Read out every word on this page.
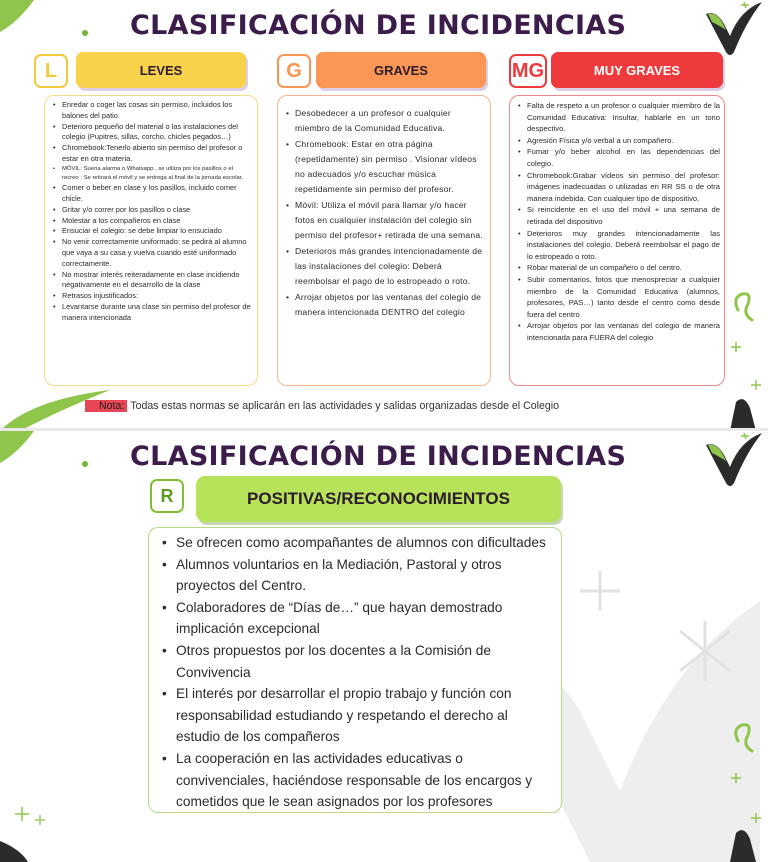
CLASIFICACIÓN DE INCIDENCIAS
L	LEVES	G	GRAVES	MG	MUY GRAVES
• Enredar o coger las cosas sin permiso, incluidos los balones del patio.
• Deterioro pequeño del material o las instalaciones del colegio (Pupitres, sillas, corcho, chicles pegados…)
• Chromebook:Tenerlo abierto sin permiso del profesor o estar en otra materia.
• MÓVIL: Suena alarma o Whatsapp , se utiliza por los pasillos o el recreo : Se retirará el móvil y se entrega al final de la jornada escolar.
• Comer o beber en clase y los pasillos, incluido comer chicle.
• Gritar y/o correr por los pasillos o clase
• Molestar a los compañeros en clase
• Ensuciar el colegio: se debe limpiar lo ensuciado
• No venir correctamente uniformado: se pedirá al alumno que vaya a su casa y vuelva cuando esté uniformado correctamente.
• No mostrar interés reiteradamente en clase incidiendo negativamente en el desarrollo de la clase
• Retrasos injustificados:
• Levantarse durante una clase sin permiso del profesor de manera intencionada
• Desobedecer a un profesor o cualquier miembro de la Comunidad Educativa.
• Chromebook: Estar en otra página (repetidamente) sin permiso . Visionar vídeos no adecuados y/o escuchar música repetidamente sin permiso del profesor.
• Móvil: Utiliza el móvil para llamar y/o hacer fotos en cualquier instalación del colegio sin permiso del profesor+ retirada de una semana.
• Deterioros más grandes intencionadamente de las instalaciones del colegio: Deberá reembolsar el pago de lo estropeado o roto.
• Arrojar objetos por las ventanas del colegio de manera intencionada DENTRO del colegio
• Falta de respeto a un profesor o cualquier miembro de la Comunidad Educativa: Insultar, hablarle en un tono despectivo.
• Agresión Física y/o verbal a un compañero.
• Fumar y/o beber alcohol en las dependencias del colegio.
• Chromebook:Grabar vídeos sin permiso del profesor: imágenes inadecuadas o utilizadas en RR SS o de otra manera indebida. Con cualquier tipo de dispositivo.
• Si reincidente en el uso del móvil + una semana de retirada del dispositivo
• Deterioros muy grandes intencionadamente las instalaciones del colegio. Deberá reembolsar el pago de lo estropeado o roto.
• Robar material de un compañero o del centro.
• Subir comentarios, fotos que menospreciar a cualquier miembro de la Comunidad Educativa (alumnos, profesores, PAS…) tanto desde el centro como desde fuera del centro
• Arrojar objetos por las ventanas del colegio de manera intencionada para FUERA del colegio
Nota: Todas estas normas se aplicarán en las actividades y salidas organizadas desde el Colegio
CLASIFICACIÓN DE INCIDENCIAS
R	POSITIVAS/RECONOCIMIENTOS
• Se ofrecen como acompañantes de alumnos con dificultades
• Alumnos voluntarios en la Mediación, Pastoral y otros proyectos del Centro.
• Colaboradores de “Días de…” que hayan demostrado implicación excepcional
• Otros propuestos por los docentes a la Comisión de Convivencia
• El interés por desarrollar el propio trabajo y función con responsabilidad estudiando y respetando el derecho al estudio de los compañeros
• La cooperación en las actividades educativas o convivenciales, haciéndose responsable de los encargos y cometidos que le sean asignados por los profesores
